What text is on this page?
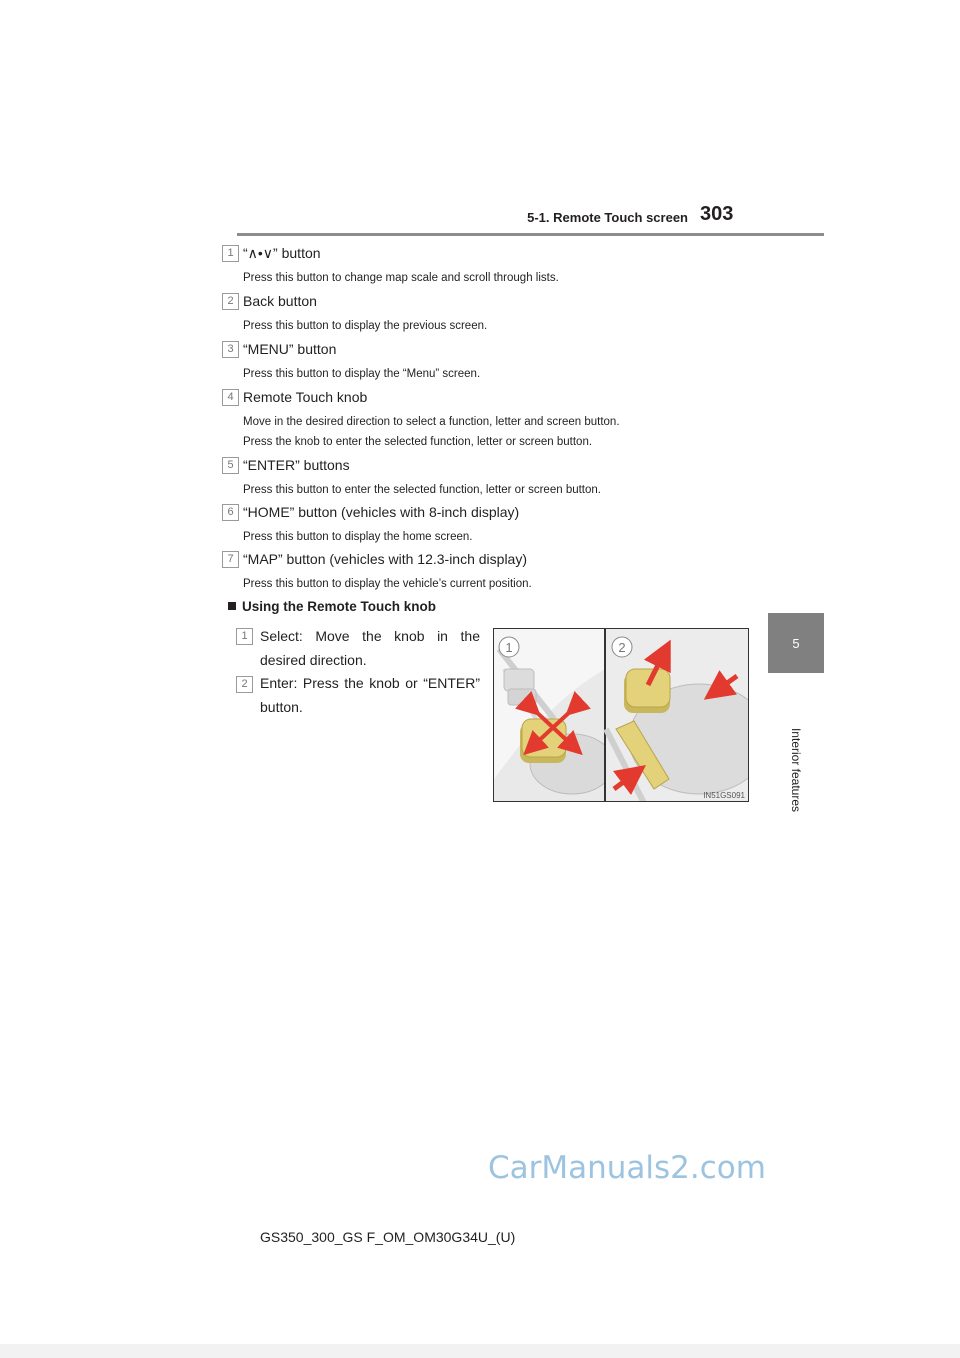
5-1. Remote Touch screen 303
5
Interior features
1 “∧•∨” button
Press this button to change map scale and scroll through lists.
2 Back button
Press this button to display the previous screen.
3 “MENU” button
Press this button to display the “Menu” screen.
4 Remote Touch knob
Move in the desired direction to select a function, letter and screen button.
Press the knob to enter the selected function, letter or screen button.
5 “ENTER” buttons
Press this button to enter the selected function, letter or screen button.
6 “HOME” button (vehicles with 8-inch display)
Press this button to display the home screen.
7 “MAP” button (vehicles with 12.3-inch display)
Press this button to display the vehicle’s current position.
Using the Remote Touch knob
1 Select: Move the knob in the desired direction.
2 Enter: Press the knob or “ENTER” button.
1	2
IN51GS091
CarManuals2.com
GS350_300_GS F_OM_OM30G34U_(U)
